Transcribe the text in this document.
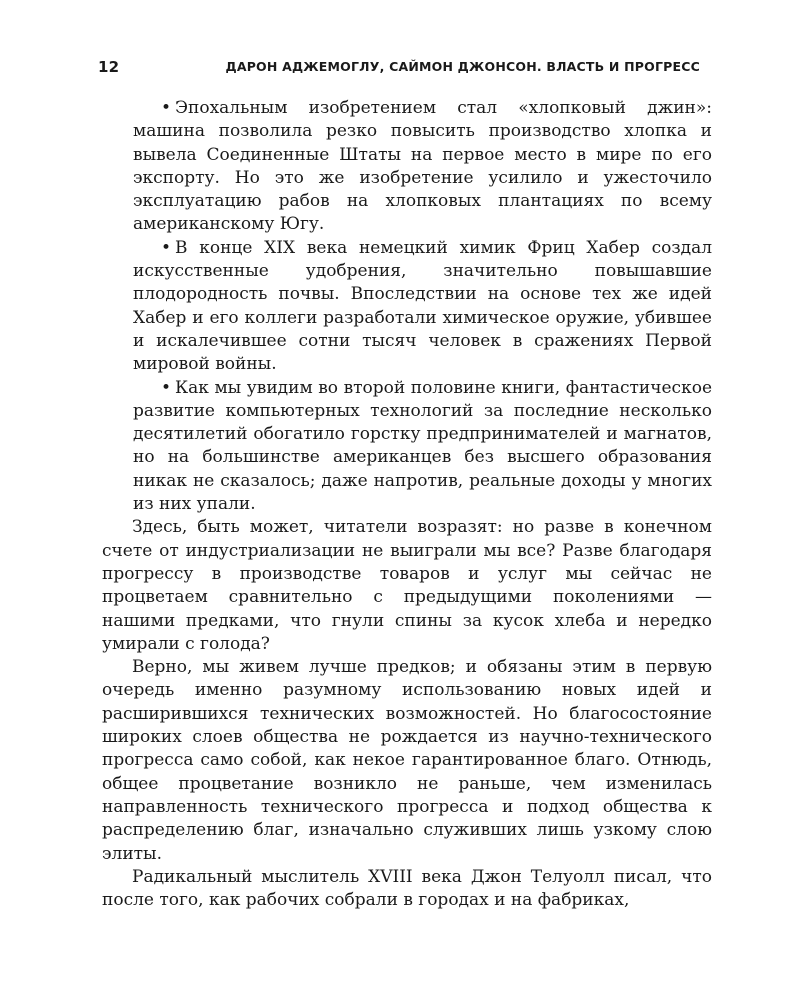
12	ДАРОН АДЖЕМОГЛУ, САЙМОН ДЖОНСОН. ВЛАСТЬ И ПРОГРЕСС

• Эпохальным изобретением стал «хлопковый джин»: машина позволила резко повысить производство хлопка и вывела Соединенные Штаты на первое место в мире по его экспорту. Но это же изобретение усилило и ужесточило эксплуатацию рабов на хлопковых плантациях по всему американскому Югу.

• В конце XIX века немецкий химик Фриц Хабер создал искусственные удобрения, значительно повышавшие плодородность почвы. Впоследствии на основе тех же идей Хабер и его коллеги разработали химическое оружие, убившее и искалечившее сотни тысяч человек в сражениях Первой мировой войны.

• Как мы увидим во второй половине книги, фантастическое развитие компьютерных технологий за последние несколько десятилетий обогатило горстку предпринимателей и магнатов, но на большинстве американцев без высшего образования никак не сказалось; даже напротив, реальные доходы у многих из них упали.

Здесь, быть может, читатели возразят: но разве в конечном счете от индустриализации не выиграли мы все? Разве благодаря прогрессу в производстве товаров и услуг мы сейчас не процветаем сравнительно с предыдущими поколениями — нашими предками, что гнули спины за кусок хлеба и нередко умирали с голода?

Верно, мы живем лучше предков; и обязаны этим в первую очередь именно разумному использованию новых идей и расширившихся технических возможностей. Но благосостояние широких слоев общества не рождается из научно-технического прогресса само собой, как некое гарантированное благо. Отнюдь, общее процветание возникло не раньше, чем изменилась направленность технического прогресса и подход общества к распределению благ, изначально служивших лишь узкому слою элиты.

Радикальный мыслитель XVIII века Джон Телуолл писал, что после того, как рабочих собрали в городах и на фабриках,
